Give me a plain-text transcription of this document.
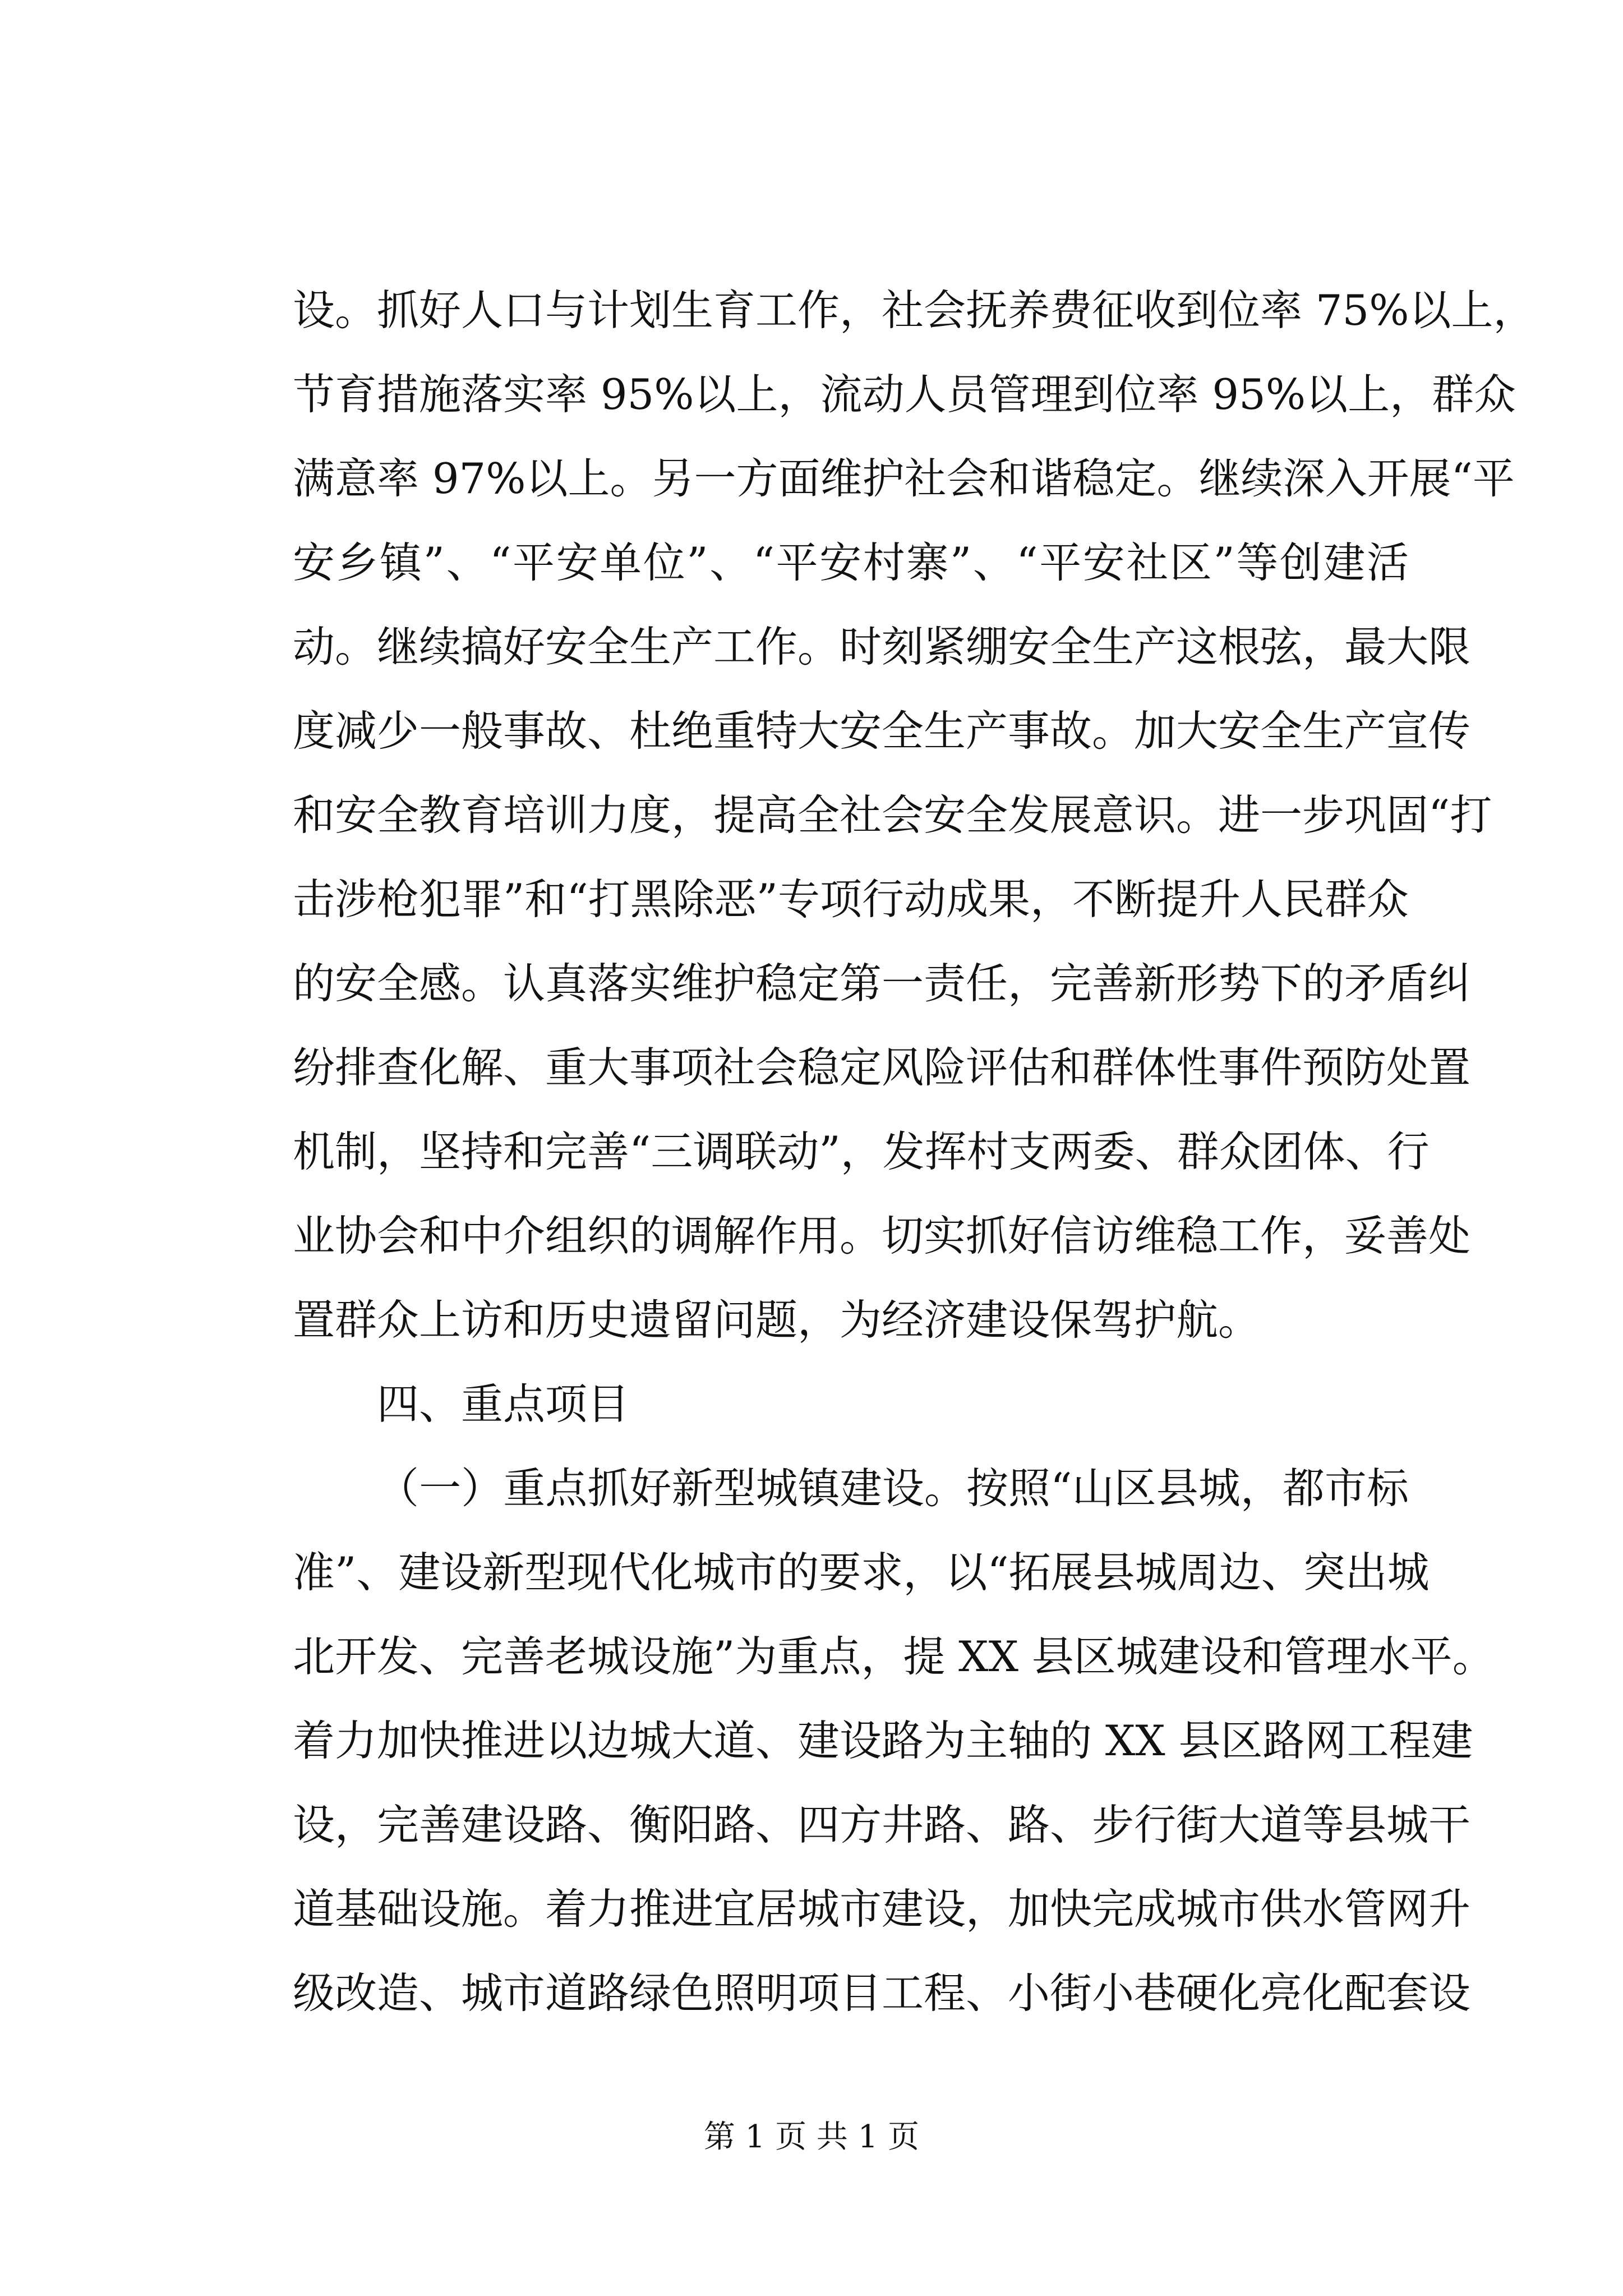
设。抓好人口与计划生育工作，社会抚养费征收到位率 75%以上，
节育措施落实率 95%以上，流动人员管理到位率 95%以上，群众
满意率 97%以上。另一方面维护社会和谐稳定。继续深入开展“平
安乡镇”、“平安单位”、“平安村寨”、“平安社区”等创建活
动。继续搞好安全生产工作。时刻紧绷安全生产这根弦，最大限
度减少一般事故、杜绝重特大安全生产事故。加大安全生产宣传
和安全教育培训力度，提高全社会安全发展意识。进一步巩固“打
击涉枪犯罪”和“打黑除恶”专项行动成果，不断提升人民群众
的安全感。认真落实维护稳定第一责任，完善新形势下的矛盾纠
纷排查化解、重大事项社会稳定风险评估和群体性事件预防处置
机制，坚持和完善“三调联动”，发挥村支两委、群众团体、行
业协会和中介组织的调解作用。切实抓好信访维稳工作，妥善处
置群众上访和历史遗留问题，为经济建设保驾护航。
四、重点项目
（一）重点抓好新型城镇建设。按照“山区县城，都市标
准”、建设新型现代化城市的要求，以“拓展县城周边、突出城
北开发、完善老城设施”为重点，提 XX 县区城建设和管理水平。
着力加快推进以边城大道、建设路为主轴的 XX 县区路网工程建
设，完善建设路、衡阳路、四方井路、路、步行街大道等县城干
道基础设施。着力推进宜居城市建设，加快完成城市供水管网升
级改造、城市道路绿色照明项目工程、小街小巷硬化亮化配套设
第 1 页 共 1 页
